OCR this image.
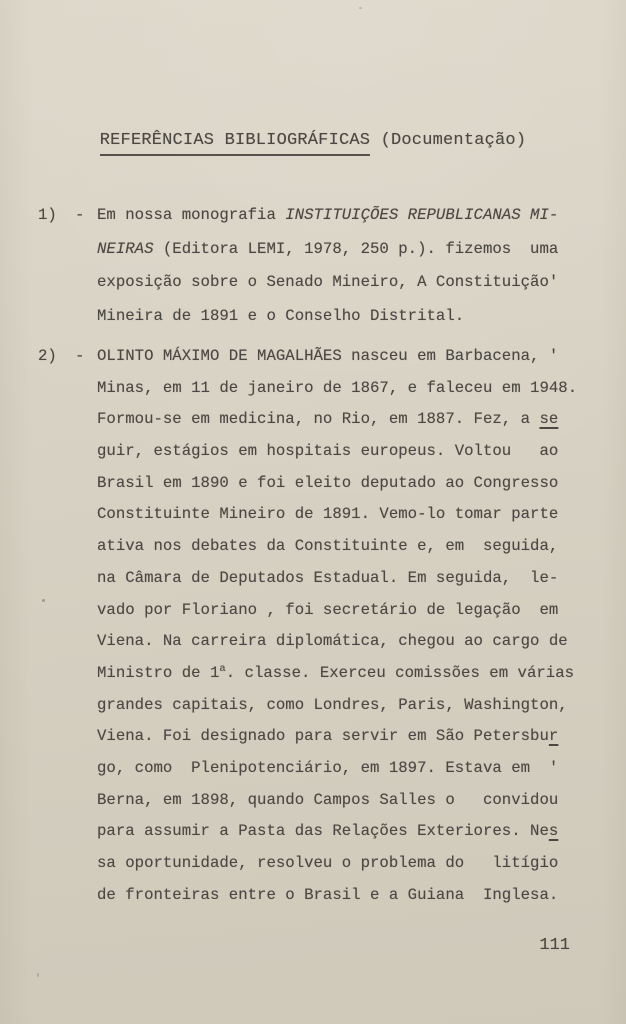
REFERÊNCIAS BIBLIOGRÁFICAS (Documentação)
1)	- Em nossa monografia INSTITUIÇÕES REPUBLICANAS MI-
NEIRAS (Editora LEMI, 1978, 250 p.). fizemos  uma
exposição sobre o Senado Mineiro, A Constituição'
Mineira de 1891 e o Conselho Distrital.
2)	- OLINTO MÁXIMO DE MAGALHÃES nasceu em Barbacena, '
Minas, em 11 de janeiro de 1867, e faleceu em 1948.
Formou-se em medicina, no Rio, em 1887. Fez, a se
guir, estágios em hospitais europeus. Voltou   ao
Brasil em 1890 e foi eleito deputado ao Congresso
Constituinte Mineiro de 1891. Vemo-lo tomar parte
ativa nos debates da Constituinte e, em  seguida,
na Câmara de Deputados Estadual. Em seguida,  le-
vado por Floriano , foi secretário de legação  em
Viena. Na carreira diplomática, chegou ao cargo de
Ministro de 1a. classe. Exerceu comissões em várias
grandes capitais, como Londres, Paris, Washington,
Viena. Foi designado para servir em São Petersbur
go, como  Plenipotenciário, em 1897. Estava em  '
Berna, em 1898, quando Campos Salles o   convidou
para assumir a Pasta das Relações Exteriores. Nes
sa oportunidade, resolveu o problema do   litígio
de fronteiras entre o Brasil e a Guiana  Inglesa.
111
